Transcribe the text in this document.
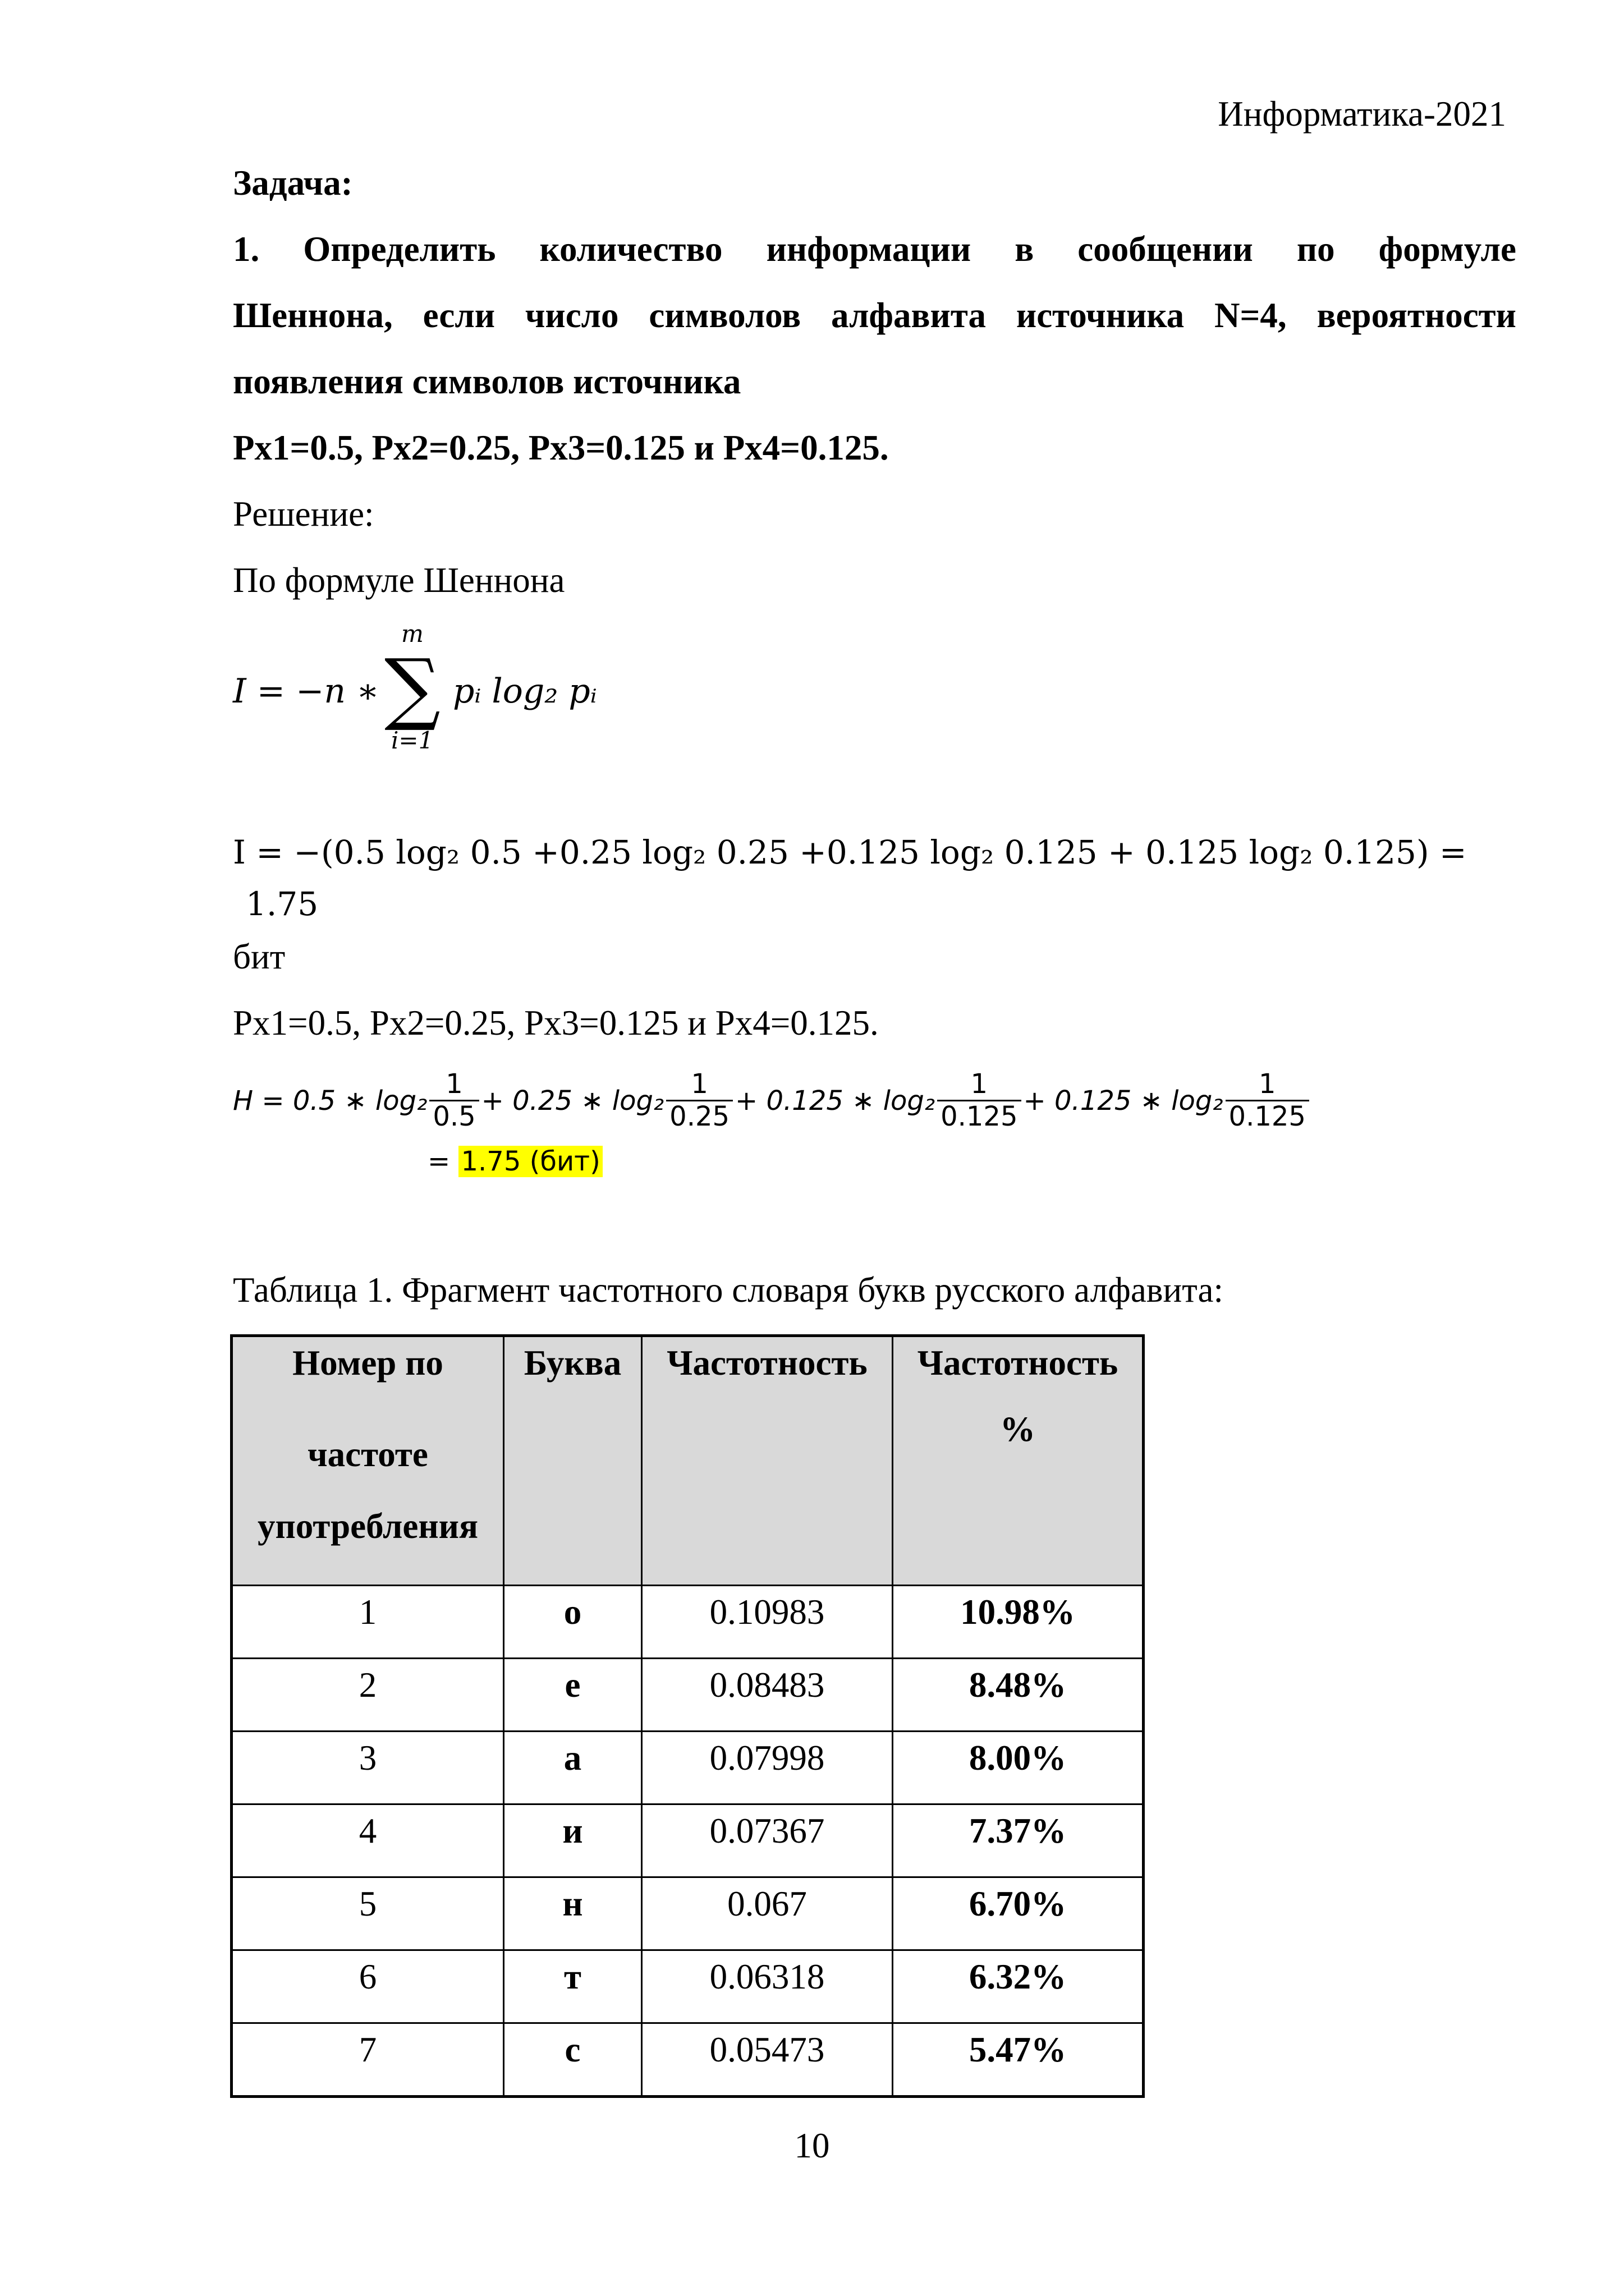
Информатика-2021
Задача:
1. Определить количество информации в сообщении по формуле
Шеннона, если число символов алфавита источника N=4, вероятности
появления символов источника
Px1=0.5, Px2=0.25, Px3=0.125 и Px4=0.125.
Решение:
По формуле Шеннона
I = −n ∗
m
∑
i=1
pᵢ log₂ pᵢ
I = −(0.5 log₂ 0.5 +0.25 log₂ 0.25 +0.125 log₂ 0.125 + 0.125 log₂ 0.125) =
1.75
бит
Px1=0.5, Px2=0.25, Px3=0.125 и Px4=0.125.
H = 0.5 ∗ $\log_2 \frac{1}{0.5} + 0.25$ ∗ $\log_2 \frac{1}{0.25} + 0.125$ ∗ $\log_2 \frac{1}{0.125} + 0.125$ ∗ $\log_2 \frac{1}{0.125}$
= 1.75 (бит)
Таблица 1. Фрагмент частотного словаря букв русского алфавита:
Номер по
частоте
употребления	Буква	Частотность	Частотность
%

1	о	0.10983	10.98%
2	е	0.08483	8.48%
3	а	0.07998	8.00%
4	и	0.07367	7.37%
5	н	0.067	6.70%
6	т	0.06318	6.32%
7	с	0.05473	5.47%
10
